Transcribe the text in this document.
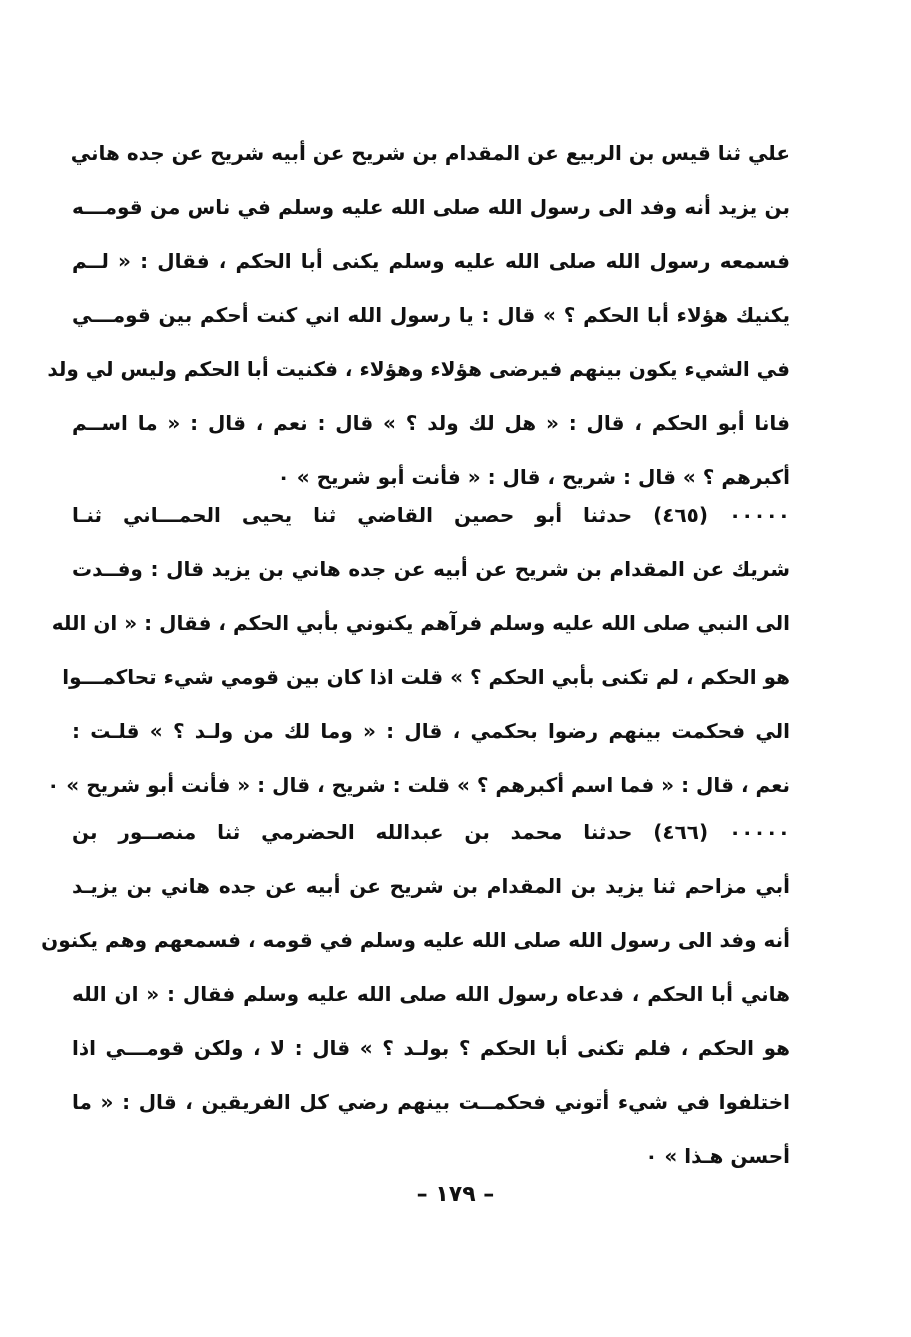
علي ثنا قيس بن الربيع عن المقدام بن شريح عن أبيه شريح عن جده هاني
بن يزيد أنه وفد الى رسول الله صلى الله عليه وسلم في ناس من قومـــه
فسمعه رسول الله صلى الله عليه وسلم يكنى أبا الحكم ، فقال : « لــم
يكنيك هؤلاء أبا الحكم ؟ » قال : يا رسول الله اني كنت أحكم بين قومـــي
في الشيء يكون بينهم فيرضى هؤلاء وهؤلاء ، فكنيت أبا الحكم وليس لي ولد
فانا أبو الحكم ، قال : « هل لك ولد ؟ » قال : نعم ، قال : « ما اســم
أكبرهم ؟ » قال : شريح ، قال : « فأنت أبو شريح » ٠
٠٠٠٠٠ (٤٦٥) حدثنا أبو حصين القاضي ثنا يحيى الحمـــاني ثنـا
شريك عن المقدام بن شريح عن أبيه عن جده هاني بن يزيد قال : وفــدت
الى النبي صلى الله عليه وسلم فرآهم يكنوني بأبي الحكم ، فقال : « ان الله
هو الحكم ، لم تكنى بأبي الحكم ؟ » قلت اذا كان بين قومي شيء تحاكمـــوا
الي فحكمت بينهم رضوا بحكمي ، قال : « وما لك من ولـد ؟ » قلـت :
نعم ، قال : « فما اسم أكبرهم ؟ » قلت : شريح ، قال : « فأنت أبو شريح » ٠
٠٠٠٠٠ (٤٦٦) حدثنا محمد بن عبدالله الحضرمي ثنا منصــور بن
أبي مزاحم ثنا يزيد بن المقدام بن شريح عن أبيه عن جده هاني بن يزيـد
أنه وفد الى رسول الله صلى الله عليه وسلم في قومه ، فسمعهم وهم يكنون
هاني أبا الحكم ، فدعاه رسول الله صلى الله عليه وسلم فقال : « ان الله
هو الحكم ، فلم تكنى أبا الحكم ؟ بولـد ؟ » قال : لا ، ولكن قومـــي اذا
اختلفوا في شيء أتوني فحكمــت بينهم رضي كل الفريقين ، قال : « ما
أحسن هـذا » ٠
– ١٧٩ –
